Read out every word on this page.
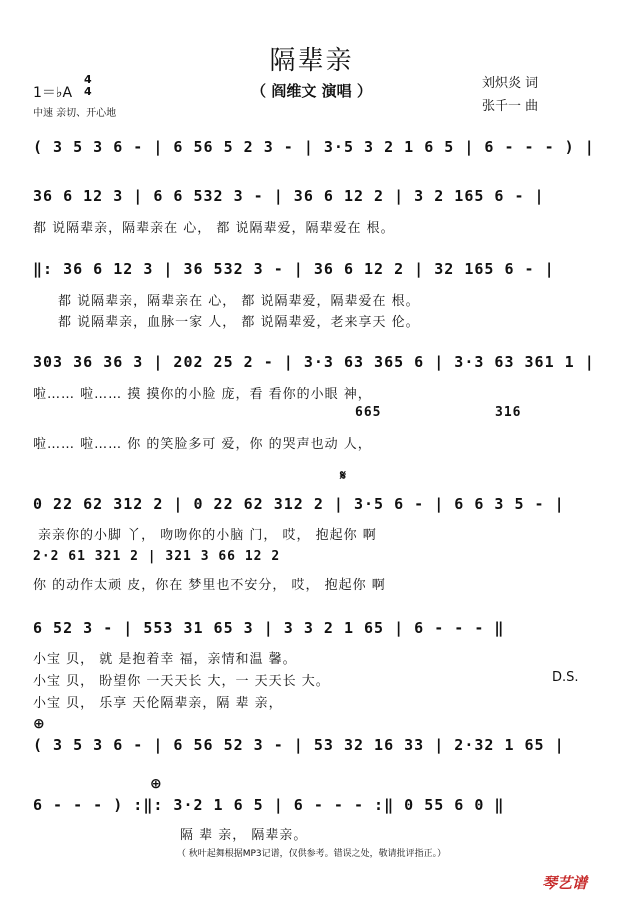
隔辈亲
（ 阎维文 演唱 ）	刘炽炎 词
张千一 曲
1＝♭A
4
4
中速 亲切、开心地
( 3 5 3 6 - | 6 56 5 2 3 - | 3·5 3 2 1 6 5 | 6 - - - ) |
36 6 12 3 | 6 6 532 3 - | 36 6 12 2 | 3 2 165 6 - |
都 说隔辈亲，隔辈亲在 心， 都 说隔辈爱，隔辈爱在 根。
‖: 36 6 12 3 | 36 532 3 - | 36 6 12 2 | 32 165 6 - |
都 说隔辈亲，隔辈亲在 心， 都 说隔辈爱，隔辈爱在 根。
都 说隔辈亲，血脉一家 人， 都 说隔辈爱，老来享天 伦。
303 36 36 3 | 202 25 2 - | 3·3 63 365 6 | 3·3 63 361 1 |
啦…… 啦…… 摸 摸你的小脸 庞，看 看你的小眼 神，
665	316
啦…… 啦…… 你 的笑脸多可 爱，你 的哭声也动 人，
𝄋
0 22 62 312 2 | 0 22 62 312 2 | 3·5 6 - | 6 6 3 5 - |
亲亲你的小脚 丫， 吻吻你的小脑 门， 哎， 抱起你 啊
2·2 61 321 2 | 321 3 66 12 2
你 的动作太顽 皮，你在 梦里也不安分， 哎， 抱起你 啊
6 52 3 - | 553 31 65 3 | 3 3 2 1 65 | 6 - - - ‖
小宝 贝， 就 是抱着幸 福，亲情和温 馨。
小宝 贝， 盼望你 一天天长 大，一 天天长 大。	D.S.
小宝 贝， 乐享 天伦隔辈亲，隔 辈 亲，
⊕
( 3 5 3 6 - | 6 56 52 3 - | 53 32 16 33 | 2·32 1 65 |
⊕
6 - - - ) :‖: 3·2 1 6 5 | 6 - - - :‖ 0 55 6 0 ‖
隔 辈 亲， 隔辈亲。
（ 秋叶起舞根据MP3记谱，仅供参考。错误之处，敬请批评指正。）
琴艺谱
